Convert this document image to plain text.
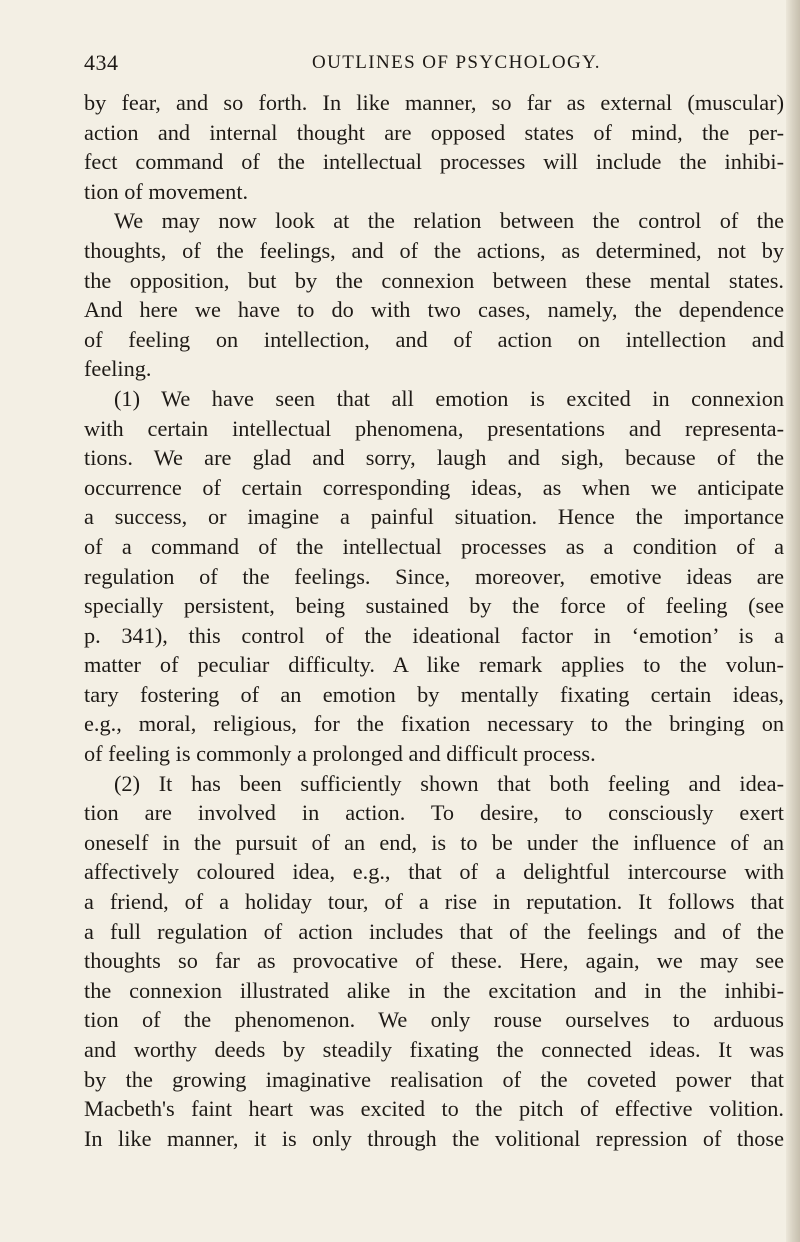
434	OUTLINES OF PSYCHOLOGY.
by fear, and so forth. In like manner, so far as external (muscular)
action and internal thought are opposed states of mind, the per-
fect command of the intellectual processes will include the inhibi-
tion of movement.
We may now look at the relation between the control of the
thoughts, of the feelings, and of the actions, as determined, not by
the opposition, but by the connexion between these mental states.
And here we have to do with two cases, namely, the dependence
of feeling on intellection, and of action on intellection and
feeling.
(1) We have seen that all emotion is excited in connexion
with certain intellectual phenomena, presentations and representa-
tions. We are glad and sorry, laugh and sigh, because of the
occurrence of certain corresponding ideas, as when we anticipate
a success, or imagine a painful situation. Hence the importance
of a command of the intellectual processes as a condition of a
regulation of the feelings. Since, moreover, emotive ideas are
specially persistent, being sustained by the force of feeling (see
p. 341), this control of the ideational factor in ‘emotion’ is a
matter of peculiar difficulty. A like remark applies to the volun-
tary fostering of an emotion by mentally fixating certain ideas,
e.g., moral, religious, for the fixation necessary to the bringing on
of feeling is commonly a prolonged and difficult process.
(2) It has been sufficiently shown that both feeling and idea-
tion are involved in action. To desire, to consciously exert
oneself in the pursuit of an end, is to be under the influence of an
affectively coloured idea, e.g., that of a delightful intercourse with
a friend, of a holiday tour, of a rise in reputation. It follows that
a full regulation of action includes that of the feelings and of the
thoughts so far as provocative of these. Here, again, we may see
the connexion illustrated alike in the excitation and in the inhibi-
tion of the phenomenon. We only rouse ourselves to arduous
and worthy deeds by steadily fixating the connected ideas. It was
by the growing imaginative realisation of the coveted power that
Macbeth's faint heart was excited to the pitch of effective volition.
In like manner, it is only through the volitional repression of those
